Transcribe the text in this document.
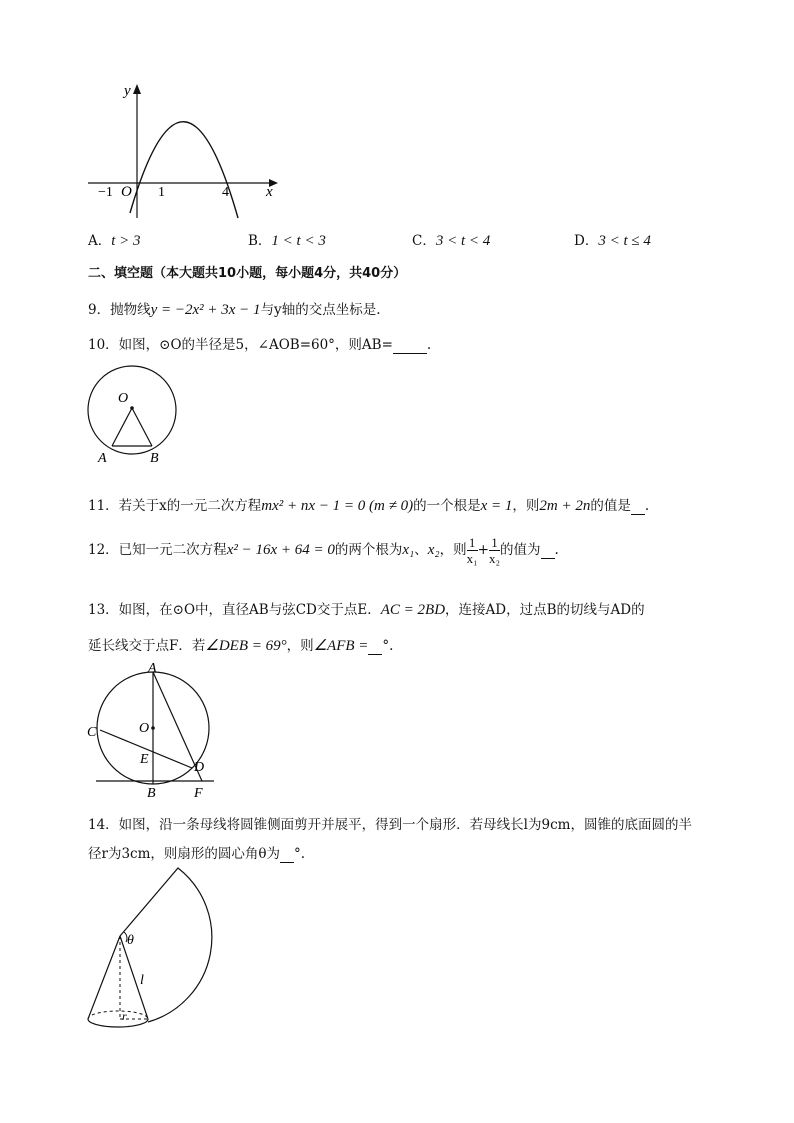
y
x
−1 O 1	4
A．t > 3	B．1 < t < 3	C．3 < t < 4	D．3 < t ≤ 4
二、填空题（本大题共10小题，每小题4分，共40分）
9．抛物线y = −2x² + 3x − 1与y轴的交点坐标是.
10．如图，⊙O的半径是5，∠AOB=60°，则AB=	.
O
A	B
11．若关于x的一元二次方程mx² + nx − 1 = 0 (m ≠ 0)的一个根是x = 1，则2m + 2n的值是 .
12．已知一元二次方程x² − 16x + 64 = 0的两个根为x₁、x₂，则 $\frac{1}{\text{x₁}} + \frac{1}{\text{x₂}}$ 的值为 .
13．如图，在⊙O中，直径AB与弦CD交于点E．AC = 2BD，连接AD，过点B的切线与AD的
延长线交于点F．若∠DEB = 69°，则∠AFB = °.
A
O
C
E
D
B	F
14．如图，沿一条母线将圆锥侧面剪开并展平，得到一个扇形．若母线长l为9cm，圆锥的底面圆的半
径r为3cm，则扇形的圆心角θ为 °.
θ
l
r
